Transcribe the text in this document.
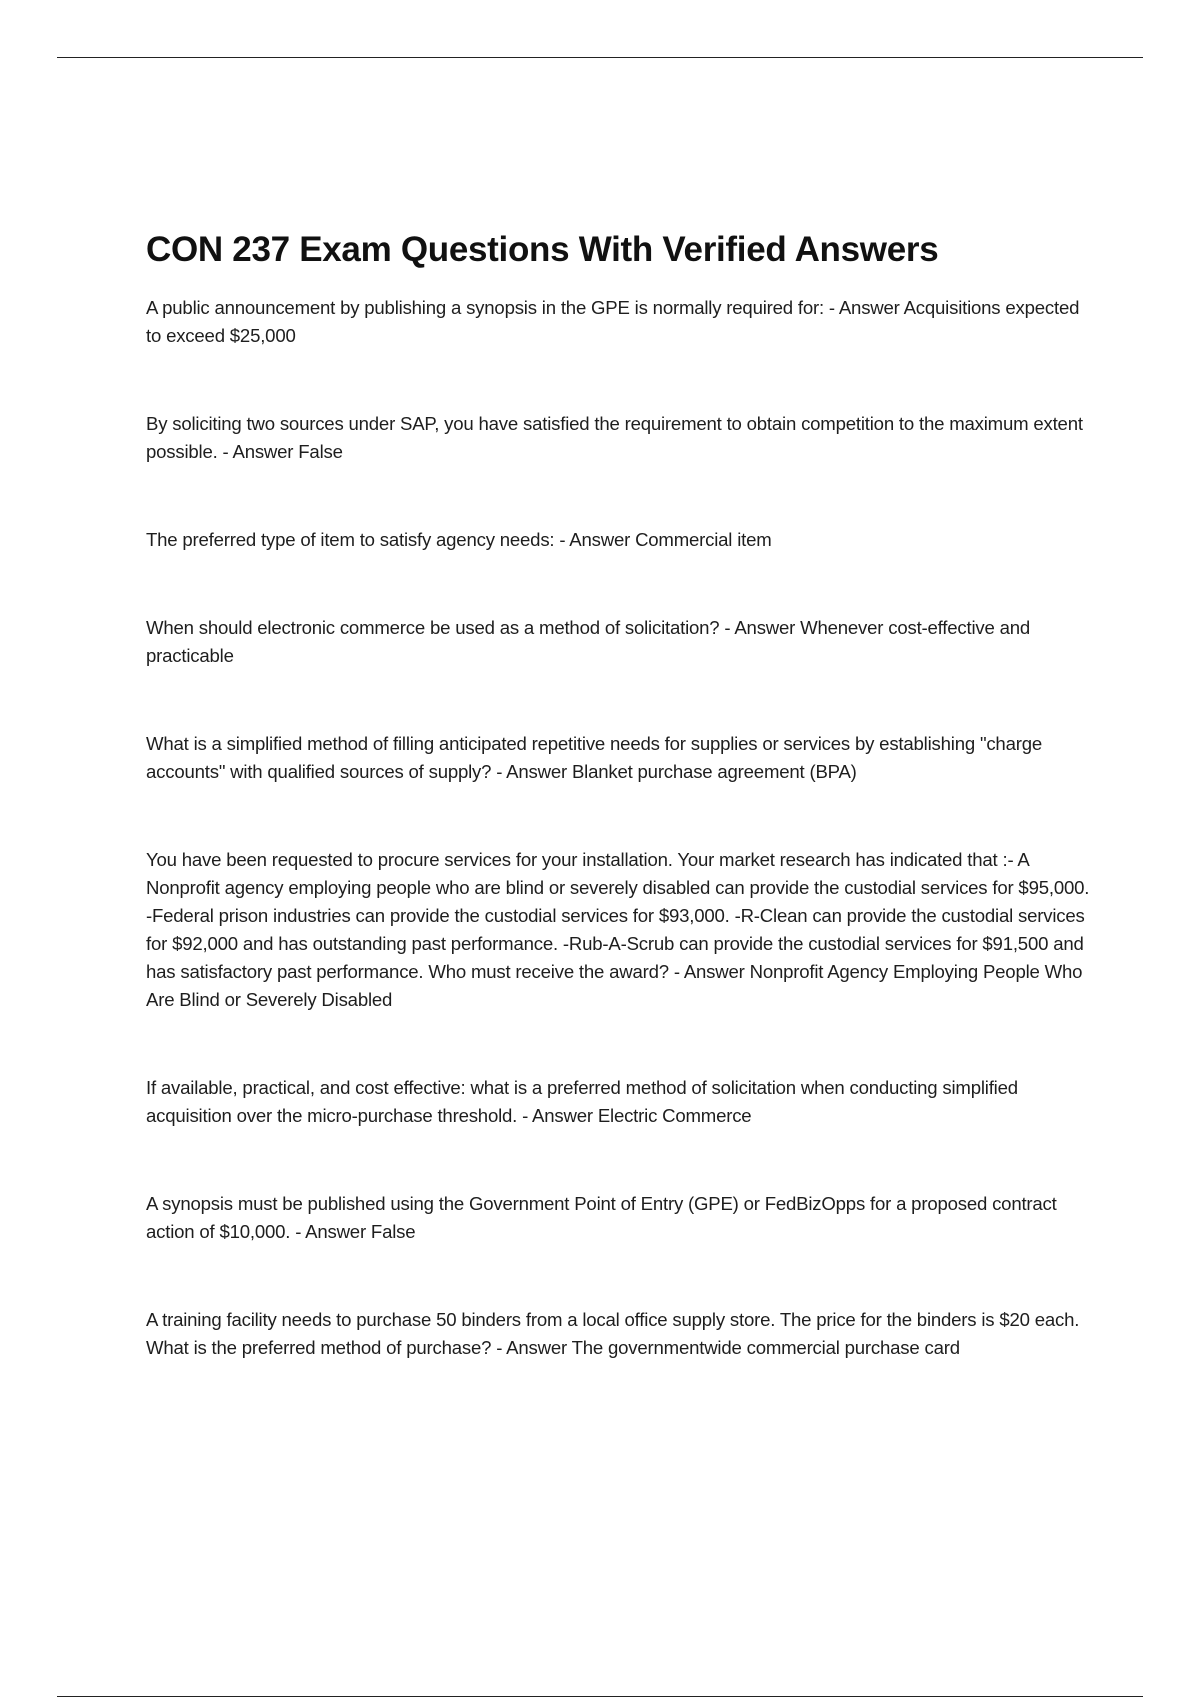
CON 237 Exam Questions With Verified Answers

A public announcement by publishing a synopsis in the GPE is normally required for: - Answer Acquisitions expected to exceed $25,000

By soliciting two sources under SAP, you have satisfied the requirement to obtain competition to the maximum extent possible. - Answer False

The preferred type of item to satisfy agency needs: - Answer Commercial item

When should electronic commerce be used as a method of solicitation? - Answer Whenever cost-effective and practicable

What is a simplified method of filling anticipated repetitive needs for supplies or services by establishing "charge accounts" with qualified sources of supply? - Answer Blanket purchase agreement (BPA)

You have been requested to procure services for your installation. Your market research has indicated that :- A Nonprofit agency employing people who are blind or severely disabled can provide the custodial services for $95,000. -Federal prison industries can provide the custodial services for $93,000. -R-Clean can provide the custodial services for $92,000 and has outstanding past performance. -Rub-A-Scrub can provide the custodial services for $91,500 and has satisfactory past performance. Who must receive the award? - Answer Nonprofit Agency Employing People Who Are Blind or Severely Disabled

If available, practical, and cost effective: what is a preferred method of solicitation when conducting simplified acquisition over the micro-purchase threshold. - Answer Electric Commerce

A synopsis must be published using the Government Point of Entry (GPE) or FedBizOpps for a proposed contract action of $10,000. - Answer False

A training facility needs to purchase 50 binders from a local office supply store. The price for the binders is $20 each. What is the preferred method of purchase? - Answer The governmentwide commercial purchase card
